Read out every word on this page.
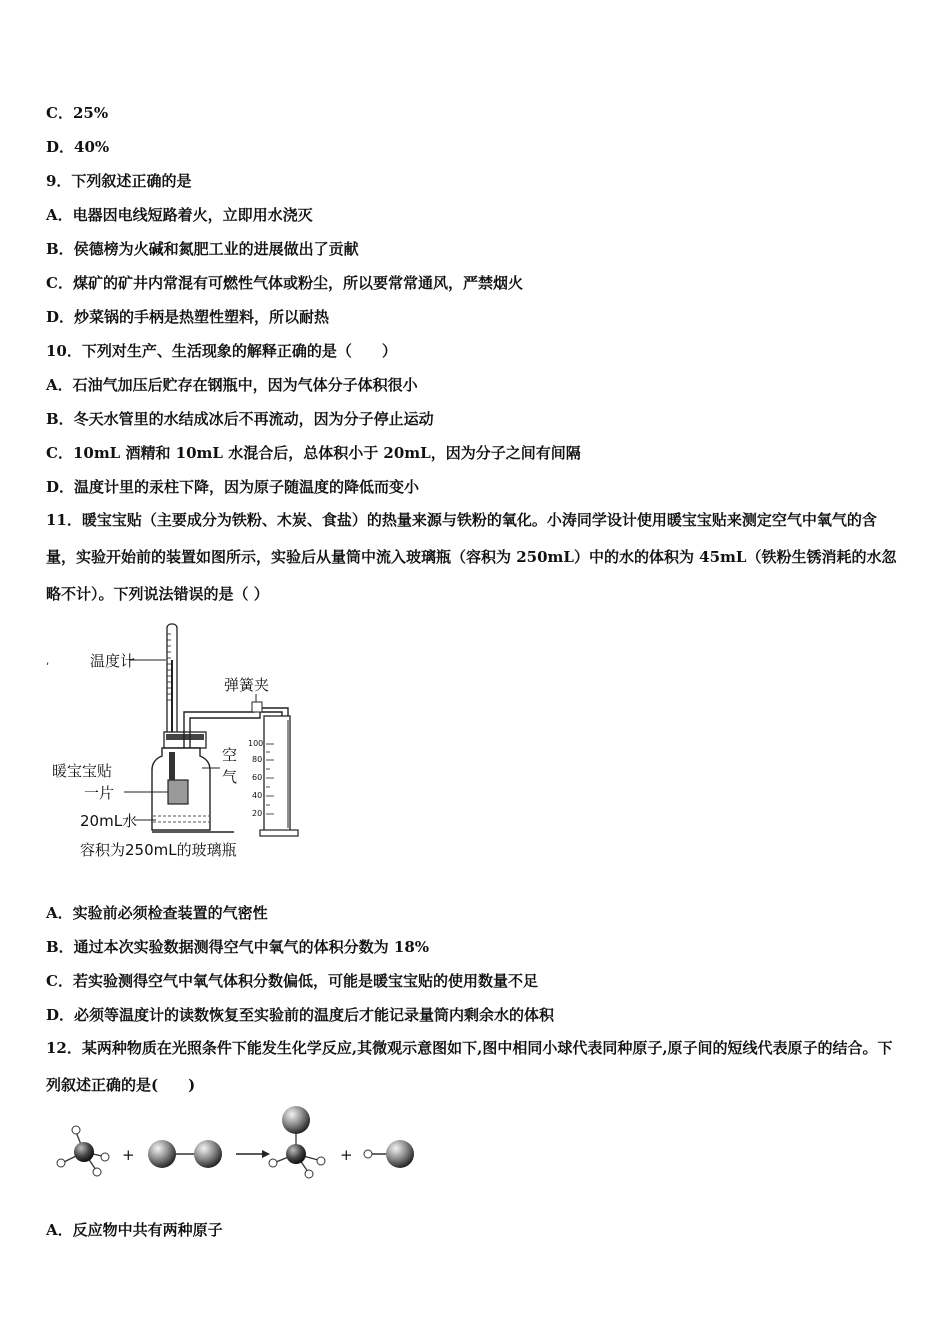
C．25%
D．40%
9．下列叙述正确的是
A．电器因电线短路着火，立即用水浇灭
B．侯德榜为火碱和氮肥工业的进展做出了贡献
C．煤矿的矿井内常混有可燃性气体或粉尘，所以要常常通风，严禁烟火
D．炒菜锅的手柄是热塑性塑料，所以耐热
10．下列对生产、生活现象的解释正确的是（　　）
A．石油气加压后贮存在钢瓶中，因为气体分子体积很小
B．冬天水管里的水结成冰后不再流动，因为分子停止运动
C．10mL 酒精和 10mL 水混合后，总体积小于 20mL，因为分子之间有间隔
D．温度计里的汞柱下降，因为原子随温度的降低而变小
11．暖宝宝贴（主要成分为铁粉、木炭、食盐）的热量来源与铁粉的氧化。小涛同学设计使用暖宝宝贴来测定空气中氧气的含量，实验开始前的装置如图所示，实验后从量筒中流入玻璃瓶（容积为 250mL）中的水的体积为 45mL（铁粉生锈消耗的水忽略不计）。下列说法错误的是（ ）
温度计
,
弹簧夹
空
气
100
80
60
40
20
暖宝宝贴
一片
20mL水
容积为250mL的玻璃瓶
A．实验前必须检查装置的气密性
B．通过本次实验数据测得空气中氧气的体积分数为 18%
C．若实验测得空气中氧气体积分数偏低，可能是暖宝宝贴的使用数量不足
D．必须等温度计的读数恢复至实验前的温度后才能记录量筒内剩余水的体积
12．某两种物质在光照条件下能发生化学反应,其微观示意图如下,图中相同小球代表同种原子,原子间的短线代表原子的结合。下列叙述正确的是(　　)
+	+
A．反应物中共有两种原子
